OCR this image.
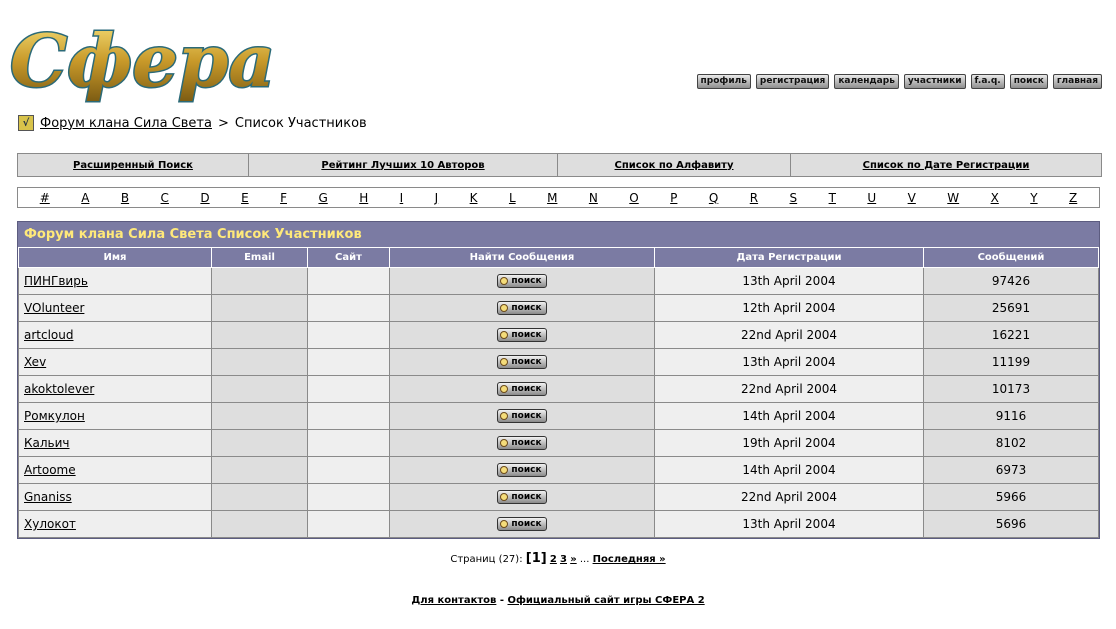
Сфера	профиль	регистрация	календарь	участники	f.a.q.	поиск	главная
√ Форум клана Сила Света > Список Участников
Расширенный Поиск	Рейтинг Лучших 10 Авторов	Список по Алфавиту	Список по Дате Регистрации
#	A	B	C	D	E	F	G	H	I	J	K	L	M	N	O	P	Q	R	S	T	U	V	W	X	Y	Z
Форум клана Сила Света Список Участников
Имя	Email	Сайт	Найти Сообщения	Дата Регистрации	Сообщений
ПИНГвирь			поиск	13th April 2004	97426
VOlunteer			поиск	12th April 2004	25691
artcloud			поиск	22nd April 2004	16221
Xev			поиск	13th April 2004	11199
akoktolever			поиск	22nd April 2004	10173
Ромкулон			поиск	14th April 2004	9116
Кальич			поиск	19th April 2004	8102
Artoome			поиск	14th April 2004	6973
Gnaniss			поиск	22nd April 2004	5966
Хулокот			поиск	13th April 2004	5696
Страниц (27): [1] 2 3 » ... Последняя »
Для контактов - Официальный сайт игры СФЕРА 2
